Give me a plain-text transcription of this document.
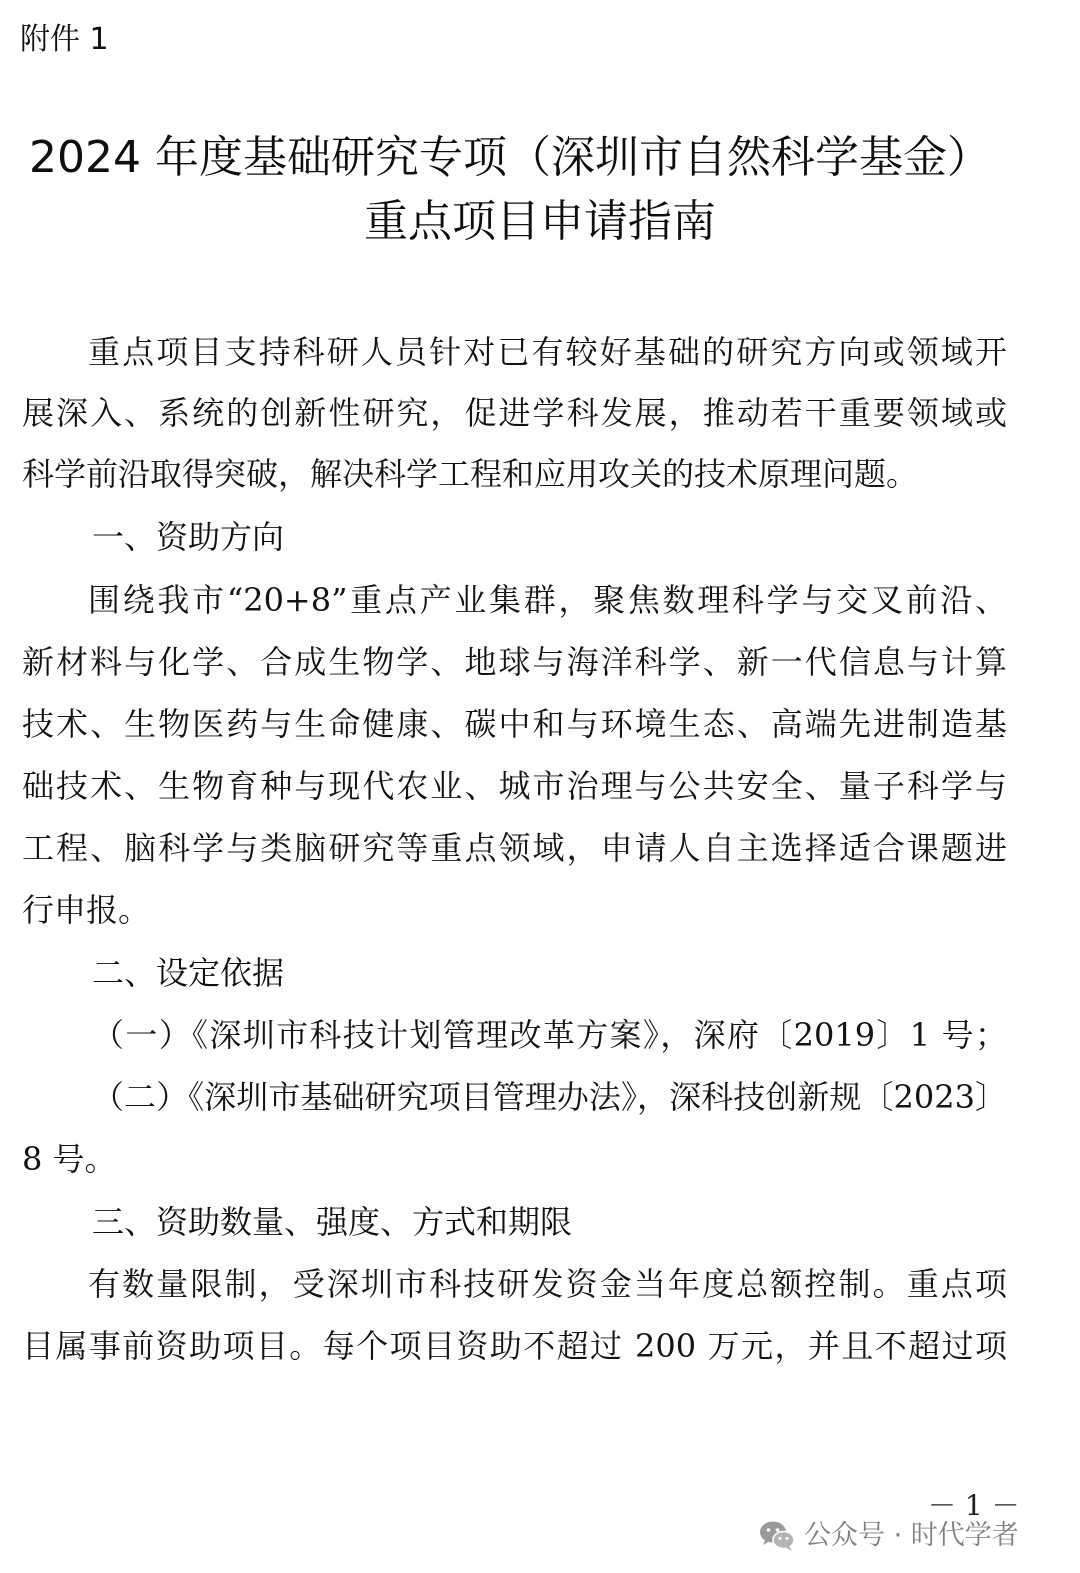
附件 1
2024 年度基础研究专项（深圳市自然科学基金）
重点项目申请指南
重点项目支持科研人员针对已有较好基础的研究方向或领域开
展深入、系统的创新性研究，促进学科发展，推动若干重要领域或
科学前沿取得突破，解决科学工程和应用攻关的技术原理问题。
一、资助方向
围绕我市“20+8”重点产业集群，聚焦数理科学与交叉前沿、
新材料与化学、合成生物学、地球与海洋科学、新一代信息与计算
技术、生物医药与生命健康、碳中和与环境生态、高端先进制造基
础技术、生物育种与现代农业、城市治理与公共安全、量子科学与
工程、脑科学与类脑研究等重点领域，申请人自主选择适合课题进
行申报。
二、设定依据
（一）《深圳市科技计划管理改革方案》，深府〔2019〕1 号；
（二）《深圳市基础研究项目管理办法》，深科技创新规〔2023〕
8 号。
三、资助数量、强度、方式和期限
有数量限制，受深圳市科技研发资金当年度总额控制。重点项
目属事前资助项目。每个项目资助不超过 200 万元，并且不超过项
－ 1 －
公众号 · 时代学者
